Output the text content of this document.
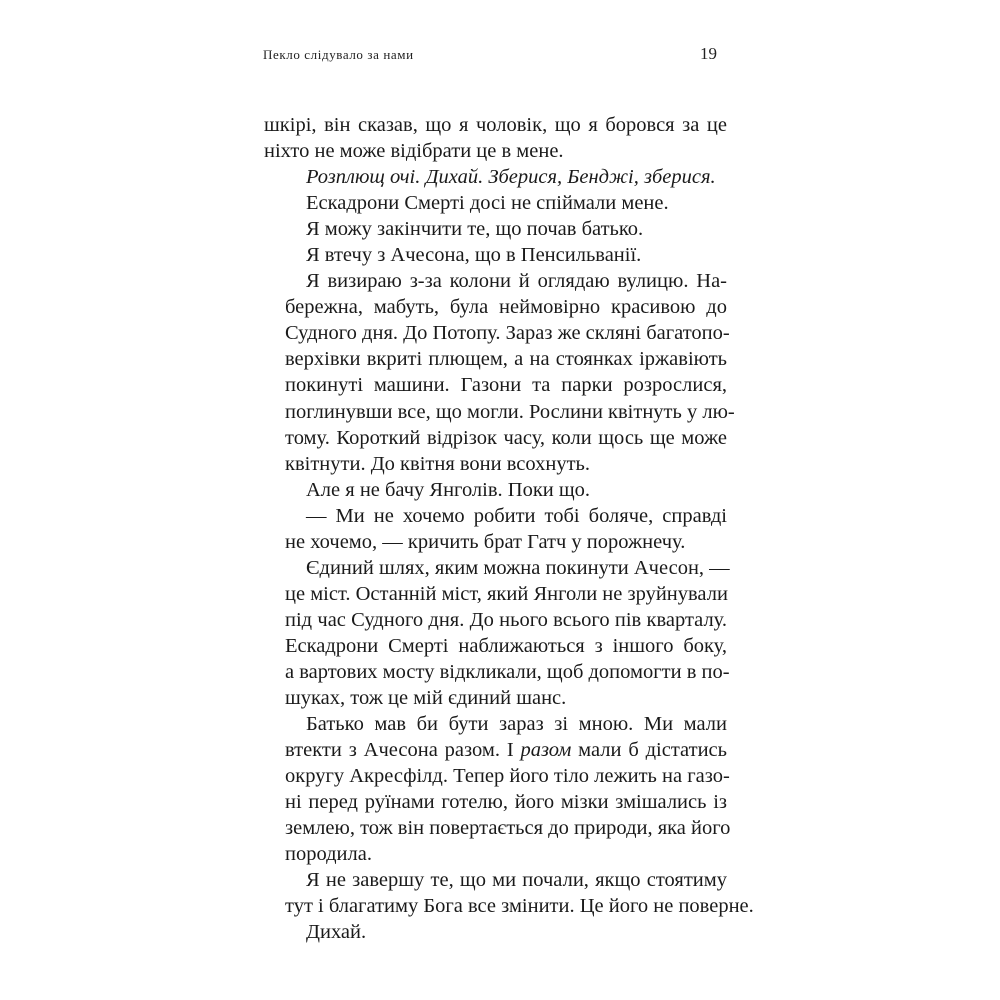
Пекло слідувало за нами	19
шкірі, він сказав, що я чоловік, що я боровся за це
ніхто не може відібрати це в мене.
Розплющ очі. Дихай. Зберися, Бенджі, зберися.
Ескадрони Смерті досі не спіймали мене.
Я можу закінчити те, що почав батько.
Я втечу з Ачесона, що в Пенсильванії.
Я визираю з-за колони й оглядаю вулицю. На-
бережна, мабуть, була неймовірно красивою до
Судного дня. До Потопу. Зараз же скляні багатопо-
верхівки вкриті плющем, а на стоянках іржавіють
покинуті машини. Газони та парки розрослися,
поглинувши все, що могли. Рослини квітнуть у лю-
тому. Короткий відрізок часу, коли щось ще може
квітнути. До квітня вони всохнуть.
Але я не бачу Янголів. Поки що.
— Ми не хочемо робити тобі боляче, справді
не хочемо, — кричить брат Гатч у порожнечу.
Єдиний шлях, яким можна покинути Ачесон, —
це міст. Останній міст, який Янголи не зруйнували
під час Судного дня. До нього всього пів кварталу.
Ескадрони Смерті наближаються з іншого боку,
а вартових мосту відкликали, щоб допомогти в по-
шуках, тож це мій єдиний шанс.
Батько мав би бути зараз зі мною. Ми мали
втекти з Ачесона разом. І разом мали б дістатись
округу Акресфілд. Тепер його тіло лежить на газо-
ні перед руїнами готелю, його мізки змішались із
землею, тож він повертається до природи, яка його
породила.
Я не завершу те, що ми почали, якщо стоятиму
тут і благатиму Бога все змінити. Це його не поверне.
Дихай.
